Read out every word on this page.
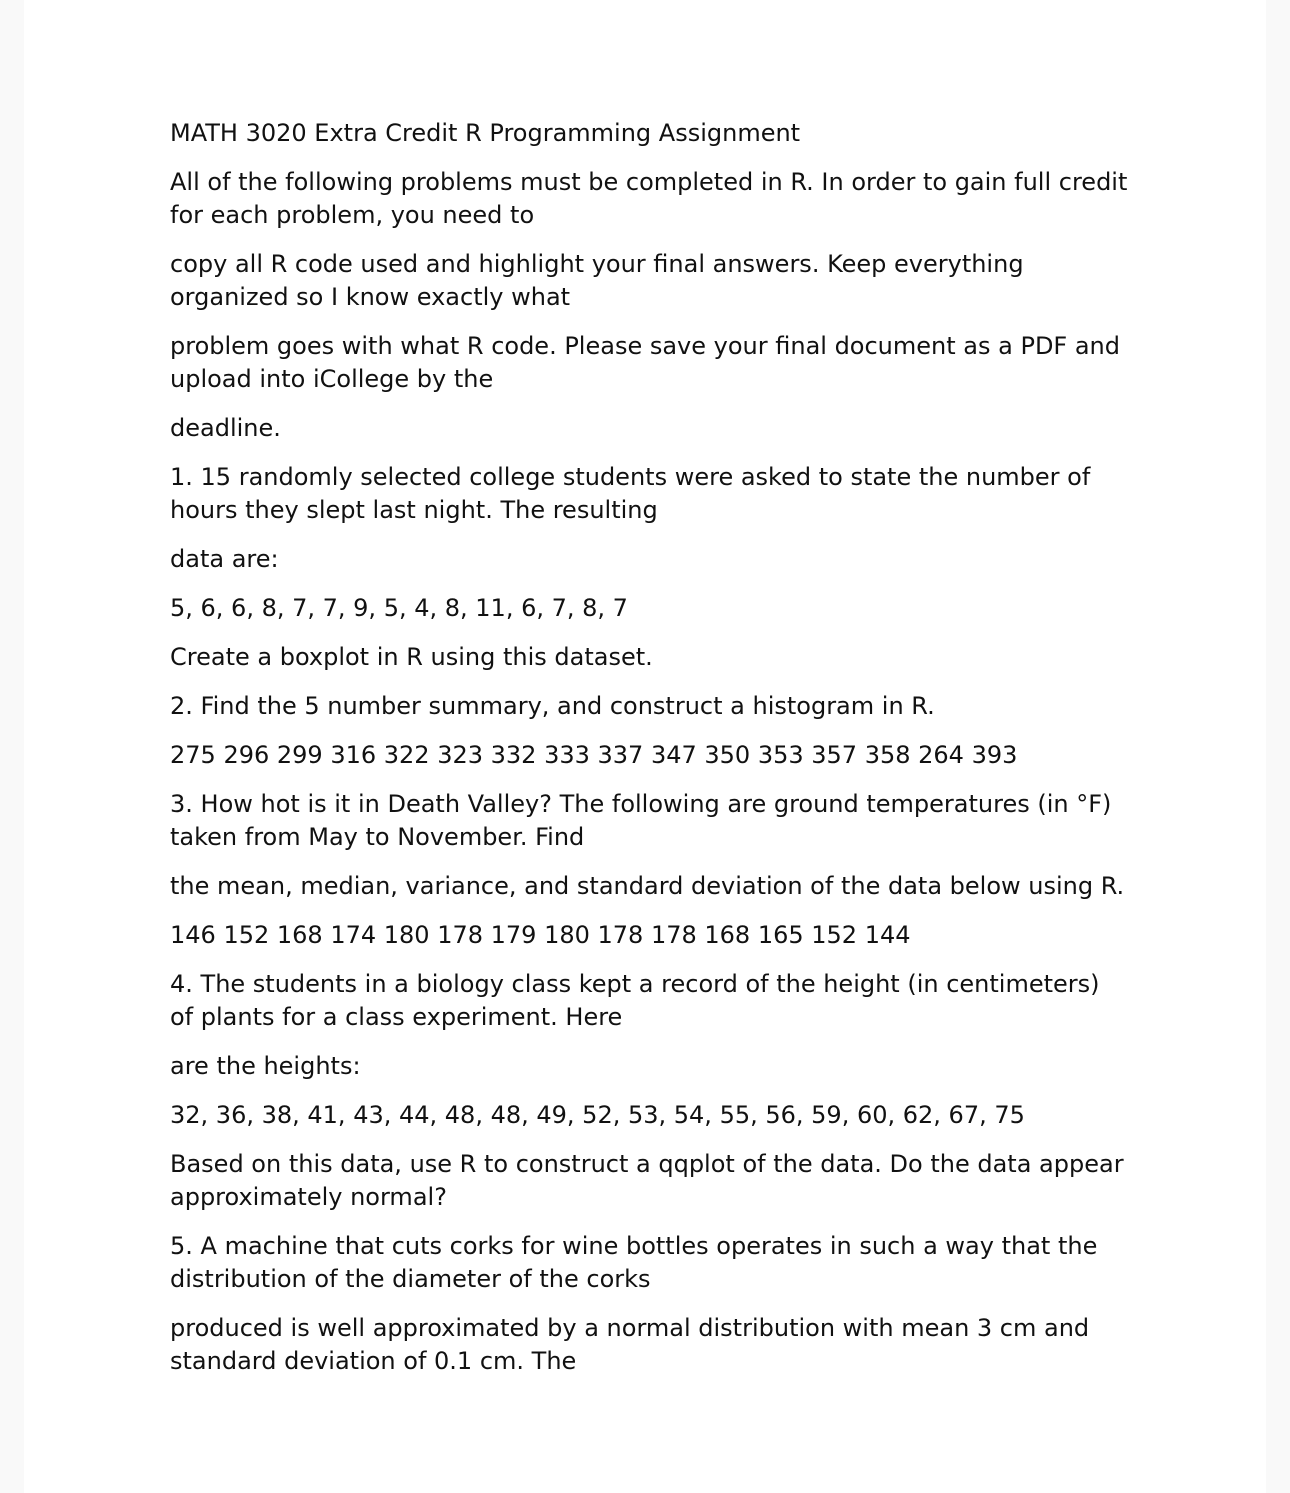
MATH 3020 Extra Credit R Programming Assignment

All of the following problems must be completed in R. In order to gain full credit for each problem, you need to

copy all R code used and highlight your final answers. Keep everything organized so I know exactly what

problem goes with what R code. Please save your final document as a PDF and upload into iCollege by the

deadline.

1. 15 randomly selected college students were asked to state the number of hours they slept last night. The resulting

data are:

5, 6, 6, 8, 7, 7, 9, 5, 4, 8, 11, 6, 7, 8, 7

Create a boxplot in R using this dataset.

2. Find the 5 number summary, and construct a histogram in R.

275 296 299 316 322 323 332 333 337 347 350 353 357 358 264 393

3. How hot is it in Death Valley? The following are ground temperatures (in °F) taken from May to November. Find

the mean, median, variance, and standard deviation of the data below using R.

146 152 168 174 180 178 179 180 178 178 168 165 152 144

4. The students in a biology class kept a record of the height (in centimeters) of plants for a class experiment. Here

are the heights:

32, 36, 38, 41, 43, 44, 48, 48, 49, 52, 53, 54, 55, 56, 59, 60, 62, 67, 75

Based on this data, use R to construct a qqplot of the data. Do the data appear approximately normal?

5. A machine that cuts corks for wine bottles operates in such a way that the distribution of the diameter of the corks

produced is well approximated by a normal distribution with mean 3 cm and standard deviation of 0.1 cm. The
